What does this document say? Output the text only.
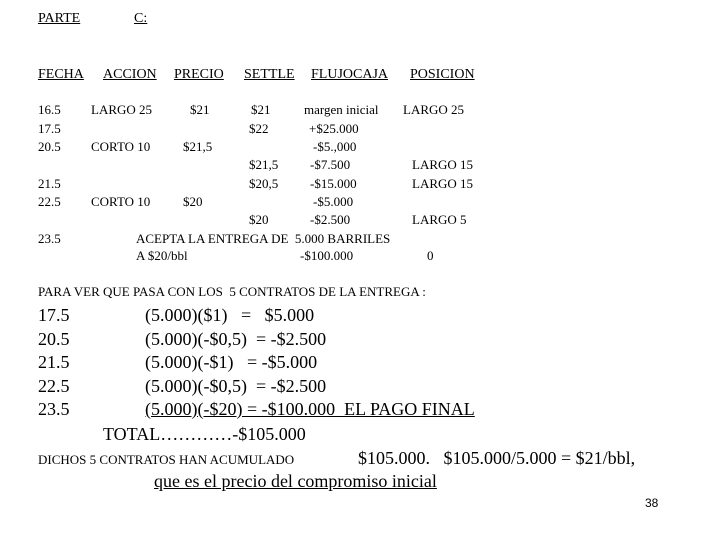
PARTE	C:
FECHA ACCION PRECIO SETTLE FLUJOCAJA POSICION
16.5 LARGO 25	$21	$21	margen inicial LARGO 25
17.5	$22	+$25.000
20.5 CORTO 10	$21,5	-$5.,000
$21,5 -$7.500	LARGO 15
21.5	$20,5 -$15.000	LARGO 15
22.5 CORTO 10	$20	-$5.000
$20	-$2.500	LARGO 5
23.5	ACEPTA LA ENTREGA DE  5.000 BARRILES
A $20/bbl	-$100.000	0
PARA VER QUE PASA CON LOS  5 CONTRATOS DE LA ENTREGA :
17.5	(5.000)($1)   =   $5.000
20.5	(5.000)(-$0,5)  = -$2.500
21.5	(5.000)(-$1)   = -$5.000
22.5	(5.000)(-$0,5)  = -$2.500
23.5	(5.000)(-$20) = -$100.000  EL PAGO FINAL
TOTAL…………-$105.000
DICHOS 5 CONTRATOS HAN ACUMULADO	$105.000.   $105.000/5.000 = $21/bbl,
que es el precio del compromiso inicial
38
